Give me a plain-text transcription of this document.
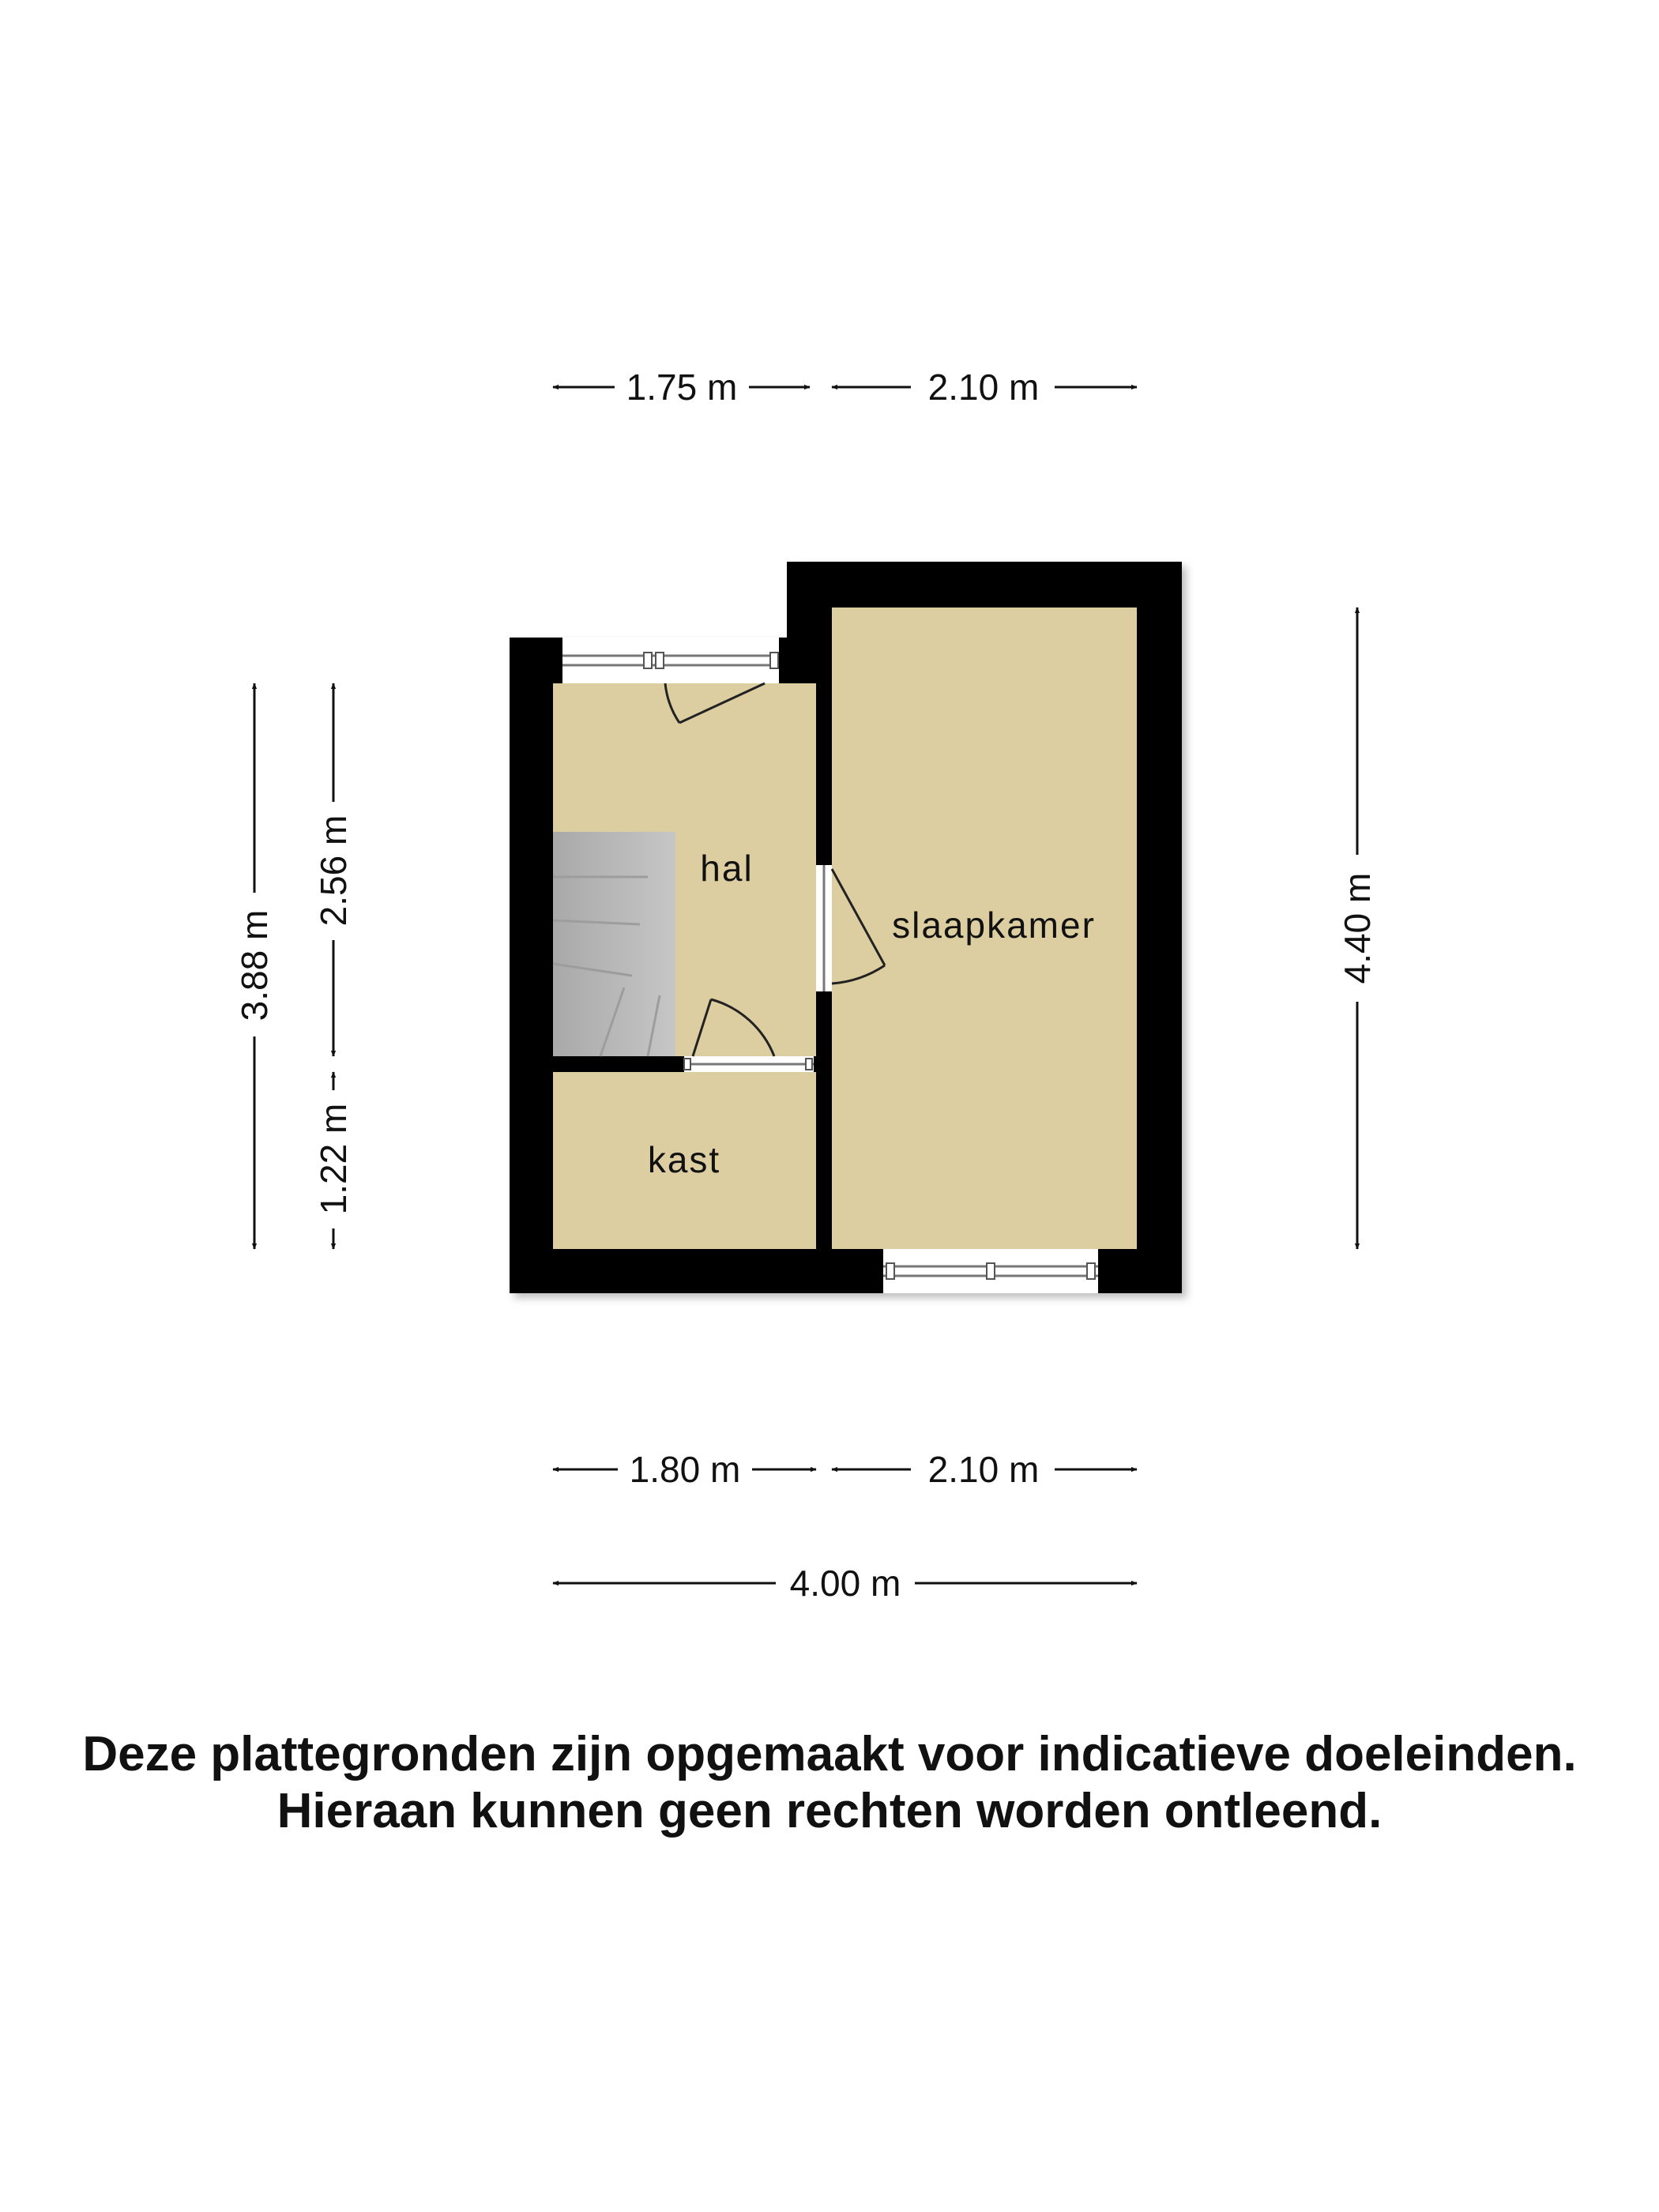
hal
slaapkamer
kast
1.75 m	2.10 m
1.80 m	2.10 m
4.00 m
3.88 m
2.56 m
1.22 m
4.40 m
Deze plattegronden zijn opgemaakt voor indicatieve doeleinden.
Hieraan kunnen geen rechten worden ontleend.
